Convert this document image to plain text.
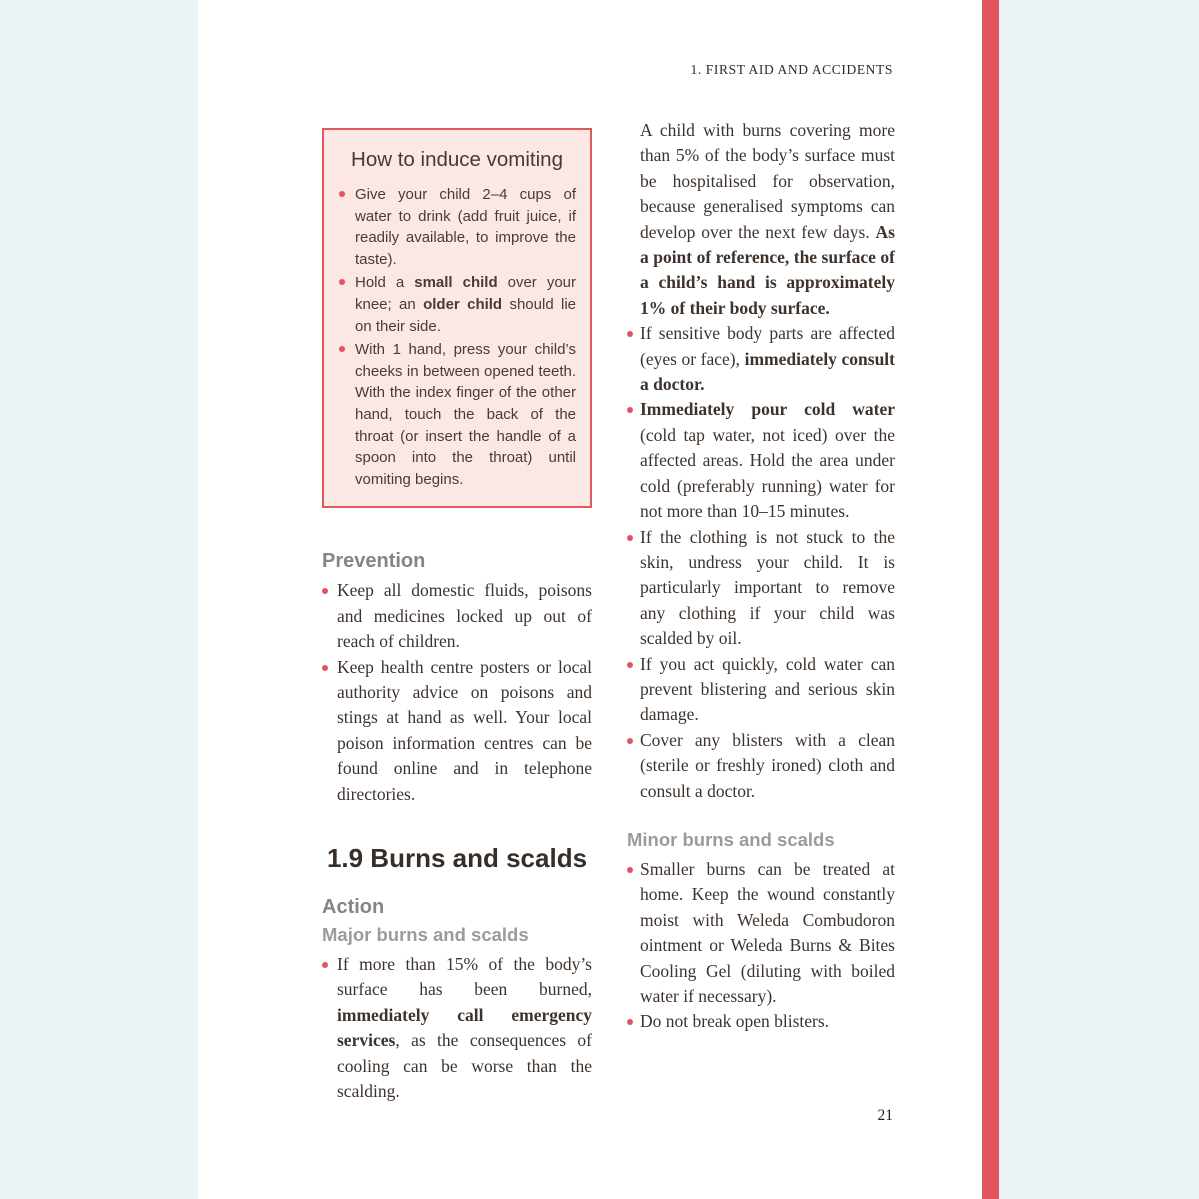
1. FIRST AID AND ACCIDENTS
How to induce vomiting
Give your child 2–4 cups of water to drink (add fruit juice, if readily available, to improve the taste).
Hold a small child over your knee; an older child should lie on their side.
With 1 hand, press your child’s cheeks in between opened teeth. With the index finger of the other hand, touch the back of the throat (or insert the handle of a spoon into the throat) until vomiting begins.
Prevention
Keep all domestic fluids, poisons and medicines locked up out of reach of children.
Keep health centre posters or local authority advice on poisons and stings at hand as well. Your local poison information centres can be found online and in telephone directories.
1.9 Burns and scalds
Action
Major burns and scalds
If more than 15% of the body’s surface has been burned, immediately call emergency services, as the consequences of cooling can be worse than the scalding.

A child with burns covering more than 5% of the body’s surface must be hospitalised for observation, because generalised symptoms can develop over the next few days. As a point of reference, the surface of a child’s hand is approximately 1% of their body surface.

If sensitive body parts are affected (eyes or face), immediately consult a doctor.
Immediately pour cold water (cold tap water, not iced) over the affected areas. Hold the area under cold (preferably running) water for not more than 10–15 minutes.
If the clothing is not stuck to the skin, undress your child. It is particularly important to remove any clothing if your child was scalded by oil.
If you act quickly, cold water can prevent blistering and serious skin damage.
Cover any blisters with a clean (sterile or freshly ironed) cloth and consult a doctor.
Minor burns and scalds
Smaller burns can be treated at home. Keep the wound constantly moist with Weleda Combudoron ointment or Weleda Burns & Bites Cooling Gel (diluting with boiled water if necessary).
Do not break open blisters.
21
